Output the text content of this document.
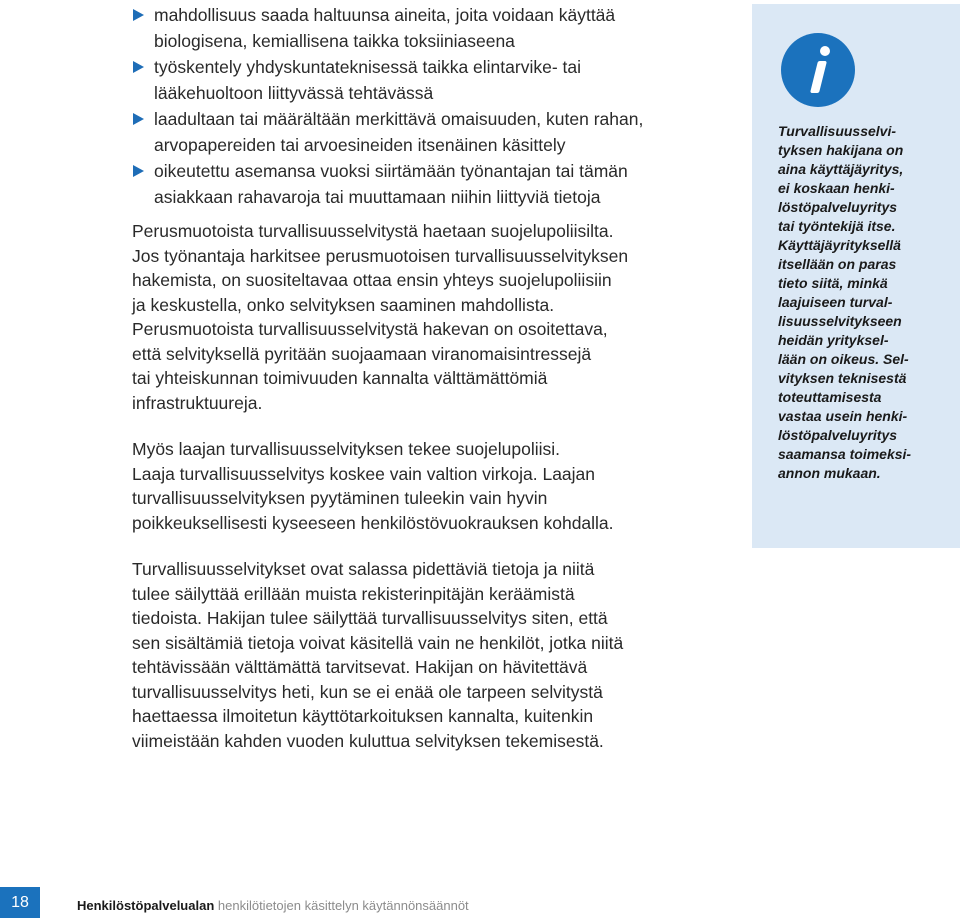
mahdollisuus saada haltuunsa aineita, joita voidaan käyttää
biologisena, kemiallisena taikka toksiiniaseena
työskentely yhdyskuntateknisessä taikka elintarvike- tai
lääkehuoltoon liittyvässä tehtävässä
laadultaan tai määrältään merkittävä omaisuuden, kuten rahan,
arvopapereiden tai arvoesineiden itsenäinen käsittely
oikeutettu asemansa vuoksi siirtämään työnantajan tai tämän
asiakkaan rahavaroja tai muuttamaan niihin liittyviä tietoja

Perusmuotoista turvallisuusselvitystä haetaan suojelupoliisilta.
Jos työnantaja harkitsee perusmuotoisen turvallisuusselvityksen
hakemista, on suositeltavaa ottaa ensin yhteys suojelupoliisiin
ja keskustella, onko selvityksen saaminen mahdollista.
Perusmuotoista turvallisuusselvitystä hakevan on osoitettava,
että selvityksellä pyritään suojaamaan viranomaisintressejä
tai yhteiskunnan toimivuuden kannalta välttämättömiä
infrastruktuureja.

Myös laajan turvallisuusselvityksen tekee suojelupoliisi.
Laaja turvallisuusselvitys koskee vain valtion virkoja. Laajan
turvallisuusselvityksen pyytäminen tuleekin vain hyvin
poikkeuksellisesti kyseeseen henkilöstövuokrauksen kohdalla.

Turvallisuusselvitykset ovat salassa pidettäviä tietoja ja niitä
tulee säilyttää erillään muista rekisterinpitäjän keräämistä
tiedoista. Hakijan tulee säilyttää turvallisuusselvitys siten, että
sen sisältämiä tietoja voivat käsitellä vain ne henkilöt, jotka niitä
tehtävissään välttämättä tarvitsevat. Hakijan on hävitettävä
turvallisuusselvitys heti, kun se ei enää ole tarpeen selvitystä
haettaessa ilmoitetun käyttötarkoituksen kannalta, kuitenkin
viimeistään kahden vuoden kuluttua selvityksen tekemisestä.

Turvallisuusselvi-
tyksen hakijana on
aina käyttäjäyritys,
ei koskaan henki-
löstöpalveluyritys
tai työntekijä itse.
Käyttäjäyrityksellä
itsellään on paras
tieto siitä, minkä
laajuiseen turval-
lisuusselvitykseen
heidän yrityksel-
lään on oikeus. Sel-
vityksen teknisestä
toteuttamisesta
vastaa usein henki-
löstöpalveluyritys
saamansa toimeksi-
annon mukaan.

18	Henkilöstöpalvelualan henkilötietojen käsittelyn käytännönsäännöt
